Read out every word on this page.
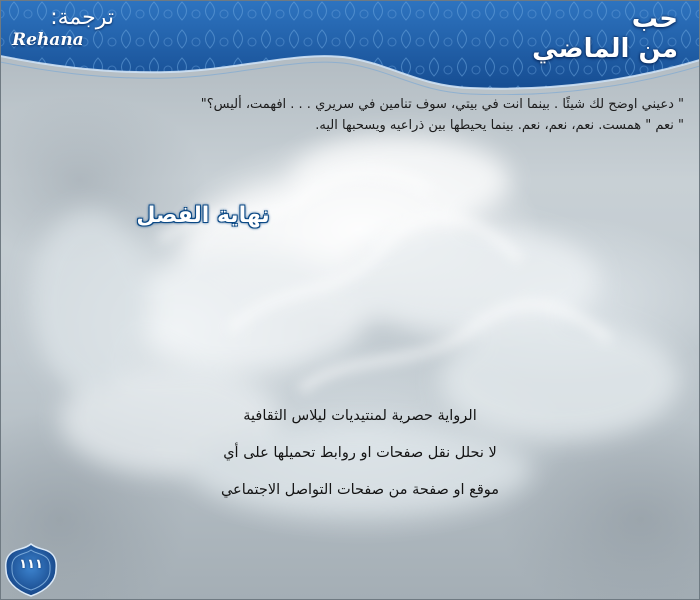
حب
من الماضي
ترجمة:
Rehana

" دعيني اوضح لك شيئًا . بينما انت في بيتي، سوف تنامين في سريري . . . افهمت، أليس؟"

" نعم " همست. نعم، نعم، نعم. بينما يحيطها بين ذراعيه ويسحبها اليه.

نهاية الفصل

الرواية حصرية لمنتيديات ليلاس الثقافية

لا نحلل نقل صفحات او روابط تحميلها على أي

موقع او صفحة من صفحات التواصل الاجتماعي

١١١
